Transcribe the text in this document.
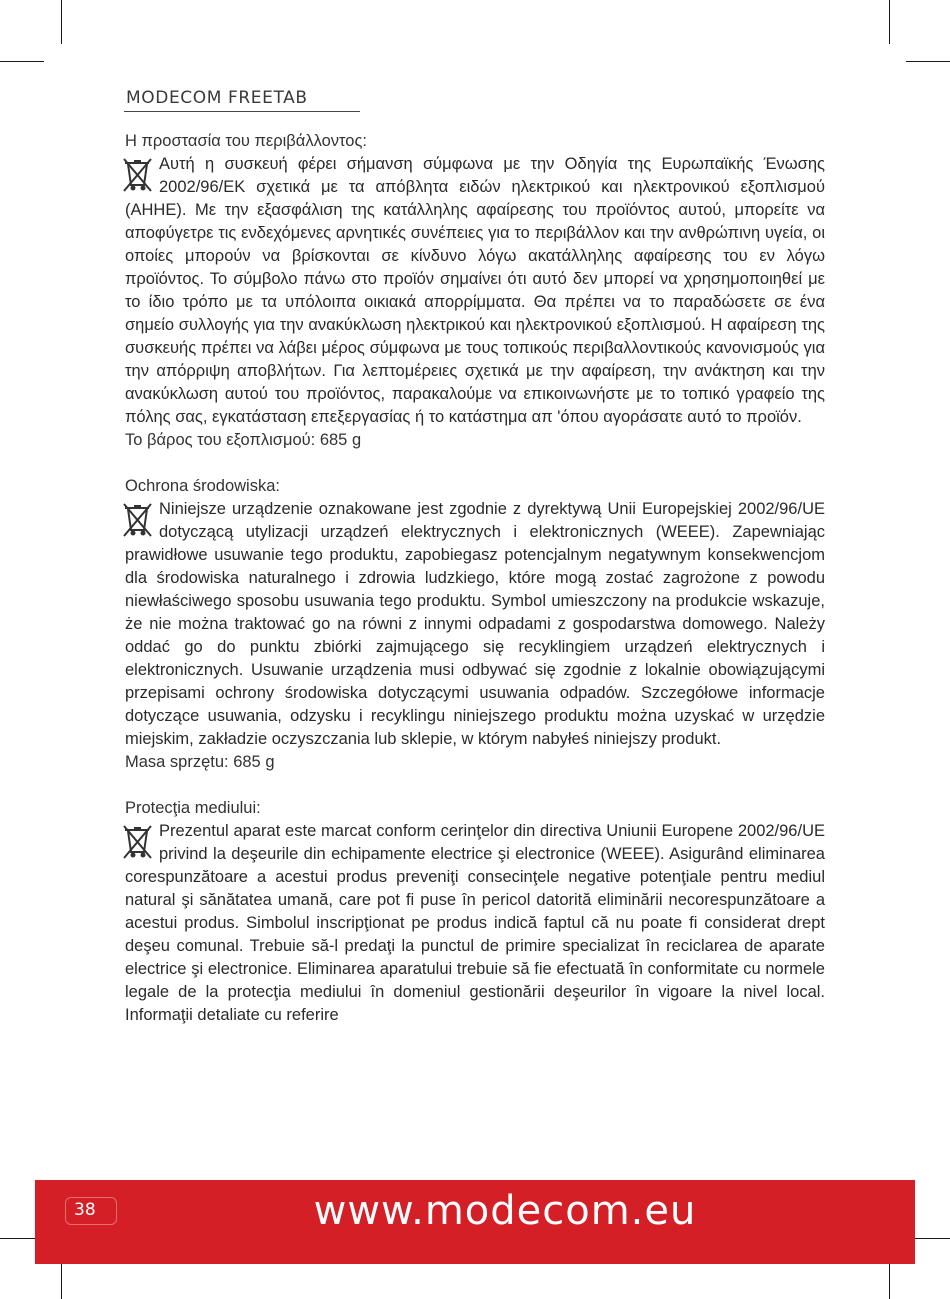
MODECOM FREETAB
Η προστασία του περιβάλλοντος:
Αυτή η συσκευή φέρει σήμανση σύμφωνα με την Οδηγία της Ευρωπαϊκής Ένωσης 2002/96/ΕΚ σχετικά με τα απόβλητα ειδών ηλεκτρικού και ηλεκτρονικού εξοπλισμού (ΑΗΗΕ). Με την εξασφάλιση της κατάλληλης αφαίρεσης του προϊόντος αυτού, μπορείτε να αποφύγετρε τις ενδεχόμενες αρνητικές συνέπειες για το περιβάλλον και την ανθρώπινη υγεία, οι οποίες μπορούν να βρίσκονται σε κίνδυνο λόγω ακατάλληλης αφαίρεσης του εν λόγω προϊόντος. Το σύμβολο πάνω στο προϊόν σημαίνει ότι αυτό δεν μπορεί να χρησημοποιηθεί με το ίδιο τρόπο με τα υπόλοιπα οικιακά απορρίμματα. Θα πρέπει να το παραδώσετε σε ένα σημείο συλλογής για την ανακύκλωση ηλεκτρικού και ηλεκτρονικού εξοπλισμού. Η αφαίρεση της συσκευής πρέπει να λάβει μέρος σύμφωνα με τους τοπικούς περιβαλλοντικούς κανονισμούς για την απόρριψη αποβλήτων. Για λεπτομέρειες σχετικά με την αφαίρεση, την ανάκτηση και την ανακύκλωση αυτού του προϊόντος, παρακαλούμε να επικοινωνήστε με το τοπικό γραφείο της πόλης σας, εγκατάσταση επεξεργασίας ή το κατάστημα απ 'όπου αγοράσατε αυτό το προϊόν.
Το βάρος του εξοπλισμού: 685 g
Ochrona środowiska:
Niniejsze urządzenie oznakowane jest zgodnie z dyrektywą Unii Europejskiej 2002/96/UE dotyczącą utylizacji urządzeń elektrycznych i elektronicznych (WEEE). Zapewniając prawidłowe usuwanie tego produktu, zapobiegasz potencjalnym negatywnym konsekwencjom dla środowiska naturalnego i zdrowia ludzkiego, które mogą zostać zagrożone z powodu niewłaściwego sposobu usuwania tego produktu. Symbol umieszczony na produkcie wskazuje, że nie można traktować go na równi z innymi odpadami z gospodarstwa domowego. Należy oddać go do punktu zbiórki zajmującego się recyklingiem urządzeń elektrycznych i elektronicznych. Usuwanie urządzenia musi odbywać się zgodnie z lokalnie obowiązującymi przepisami ochrony środowiska dotyczącymi usuwania odpadów. Szczegółowe informacje dotyczące usuwania, odzysku i recyklingu niniejszego produktu można uzyskać w urzędzie miejskim, zakładzie oczyszczania lub sklepie, w którym nabyłeś niniejszy produkt.
Masa sprzętu: 685 g
Protecţia mediului:
Prezentul aparat este marcat conform cerinţelor din directiva Uniunii Europene 2002/96/UE privind la deşeurile din echipamente electrice şi electronice (WEEE). Asigurând eliminarea corespunzătoare a acestui produs preveniţi consecinţele negative potenţiale pentru mediul natural şi sănătatea umană, care pot fi puse în pericol datorită eliminării necorespunzătoare a acestui produs. Simbolul inscripţionat pe produs indică faptul că nu poate fi considerat drept deşeu comunal. Trebuie să-l predaţi la punctul de primire specializat în reciclarea de aparate electrice şi electronice. Eliminarea aparatului trebuie să fie efectuată în conformitate cu normele legale de la protecţia mediului în domeniul gestionării deşeurilor în vigoare la nivel local. Informaţii detaliate cu referire
38	www.modecom.eu
